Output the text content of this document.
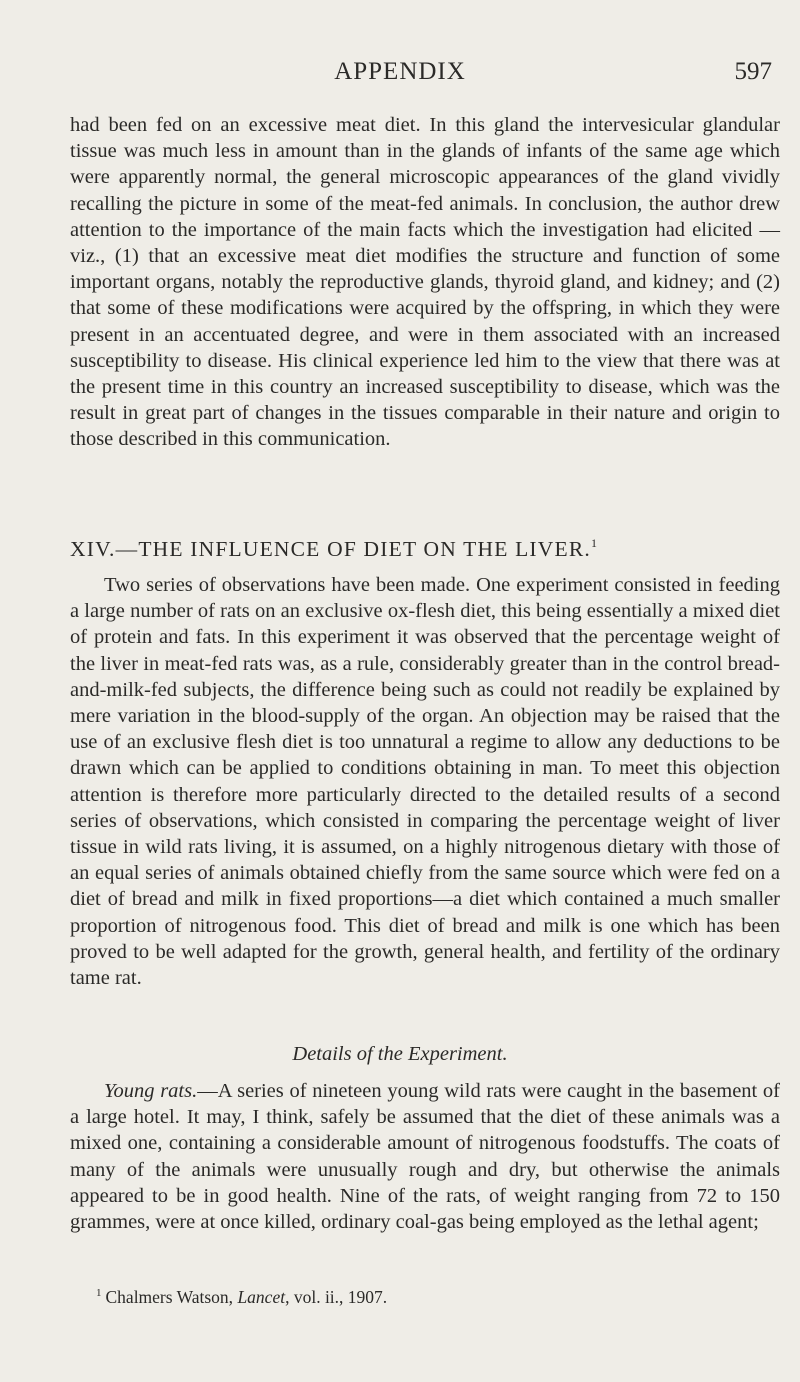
APPENDIX	597

had been fed on an excessive meat diet. In this gland the intervesicular glandular tissue was much less in amount than in the glands of infants of the same age which were apparently normal, the general microscopic appearances of the gland vividly recalling the picture in some of the meat-fed animals. In conclusion, the author drew attention to the importance of the main facts which the investigation had elicited —viz., (1) that an excessive meat diet modifies the structure and function of some important organs, notably the reproductive glands, thyroid gland, and kidney; and (2) that some of these modifications were acquired by the offspring, in which they were present in an accentuated degree, and were in them associated with an increased susceptibility to disease. His clinical experience led him to the view that there was at the present time in this country an increased susceptibility to disease, which was the result in great part of changes in the tissues comparable in their nature and origin to those described in this communication.

XIV.—THE INFLUENCE OF DIET ON THE LIVER.$^1$

Two series of observations have been made. One experiment consisted in feeding a large number of rats on an exclusive ox-flesh diet, this being essentially a mixed diet of protein and fats. In this experiment it was observed that the percentage weight of the liver in meat-fed rats was, as a rule, considerably greater than in the control bread-and-milk-fed subjects, the difference being such as could not readily be explained by mere variation in the blood-supply of the organ. An objection may be raised that the use of an exclusive flesh diet is too unnatural a regime to allow any deductions to be drawn which can be applied to conditions obtaining in man. To meet this objection attention is therefore more particularly directed to the detailed results of a second series of observations, which consisted in comparing the percentage weight of liver tissue in wild rats living, it is assumed, on a highly nitrogenous dietary with those of an equal series of animals obtained chiefly from the same source which were fed on a diet of bread and milk in fixed proportions—a diet which contained a much smaller proportion of nitrogenous food. This diet of bread and milk is one which has been proved to be well adapted for the growth, general health, and fertility of the ordinary tame rat.

Details of the Experiment.

Young rats.—A series of nineteen young wild rats were caught in the basement of a large hotel. It may, I think, safely be assumed that the diet of these animals was a mixed one, containing a considerable amount of nitrogenous foodstuffs. The coats of many of the animals were unusually rough and dry, but otherwise the animals appeared to be in good health. Nine of the rats, of weight ranging from 72 to 150 grammes, were at once killed, ordinary coal-gas being employed as the lethal agent;

$^1$ Chalmers Watson, Lancet, vol. ii., 1907.
